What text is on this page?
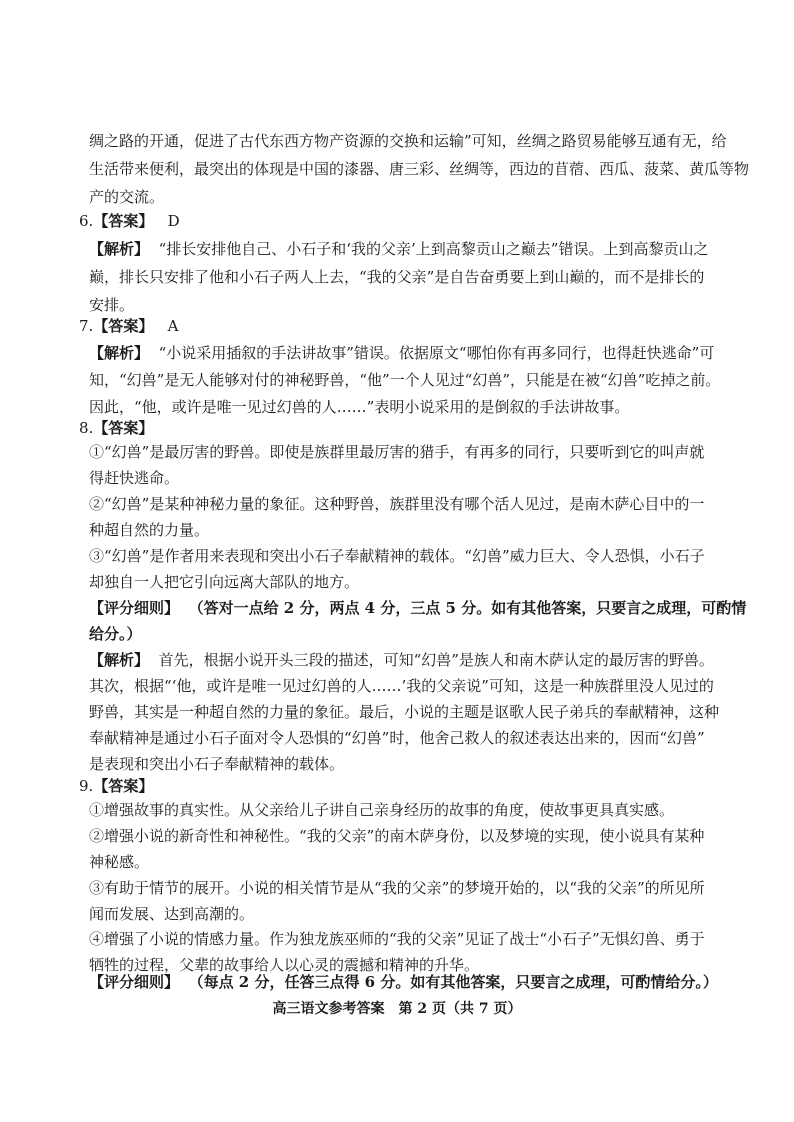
绸之路的开通，促进了古代东西方物产资源的交换和运输”可知，丝绸之路贸易能够互通有无，给
生活带来便利，最突出的体现是中国的漆器、唐三彩、丝绸等，西边的苜蓿、西瓜、菠菜、黄瓜等物
产的交流。
6.【答案】 D
【解析】 “排长安排他自己、小石子和‘我的父亲’上到高黎贡山之巅去”错误。上到高黎贡山之
巅，排长只安排了他和小石子两人上去，“我的父亲”是自告奋勇要上到山巅的，而不是排长的
安排。
7.【答案】 A
【解析】 “小说采用插叙的手法讲故事”错误。依据原文“哪怕你有再多同行，也得赶快逃命”可
知，“幻兽”是无人能够对付的神秘野兽，“他”一个人见过“幻兽”，只能是在被“幻兽”吃掉之前。
因此，“他，或许是唯一见过幻兽的人……”表明小说采用的是倒叙的手法讲故事。
8.【答案】
①“幻兽”是最厉害的野兽。即使是族群里最厉害的猎手，有再多的同行，只要听到它的叫声就
得赶快逃命。
②“幻兽”是某种神秘力量的象征。这种野兽，族群里没有哪个活人见过，是南木萨心目中的一
种超自然的力量。
③“幻兽”是作者用来表现和突出小石子奉献精神的载体。“幻兽”威力巨大、令人恐惧，小石子
却独自一人把它引向远离大部队的地方。
【评分细则】 （答对一点给 2 分，两点 4 分，三点 5 分。如有其他答案，只要言之成理，可酌情
给分。）
【解析】 首先，根据小说开头三段的描述，可知“幻兽”是族人和南木萨认定的最厉害的野兽。
其次，根据“‘他，或许是唯一见过幻兽的人……’我的父亲说”可知，这是一种族群里没人见过的
野兽，其实是一种超自然的力量的象征。最后，小说的主题是讴歌人民子弟兵的奉献精神，这种
奉献精神是通过小石子面对令人恐惧的“幻兽”时，他舍己救人的叙述表达出来的，因而“幻兽”
是表现和突出小石子奉献精神的载体。
9.【答案】
①增强故事的真实性。从父亲给儿子讲自己亲身经历的故事的角度，使故事更具真实感。
②增强小说的新奇性和神秘性。“我的父亲”的南木萨身份，以及梦境的实现，使小说具有某种
神秘感。
③有助于情节的展开。小说的相关情节是从“我的父亲”的梦境开始的，以“我的父亲”的所见所
闻而发展、达到高潮的。
④增强了小说的情感力量。作为独龙族巫师的“我的父亲”见证了战士“小石子”无惧幻兽、勇于
牺牲的过程，父辈的故事给人以心灵的震撼和精神的升华。
【评分细则】 （每点 2 分，任答三点得 6 分。如有其他答案，只要言之成理，可酌情给分。）
高三语文参考答案　第 2 页（共 7 页）
